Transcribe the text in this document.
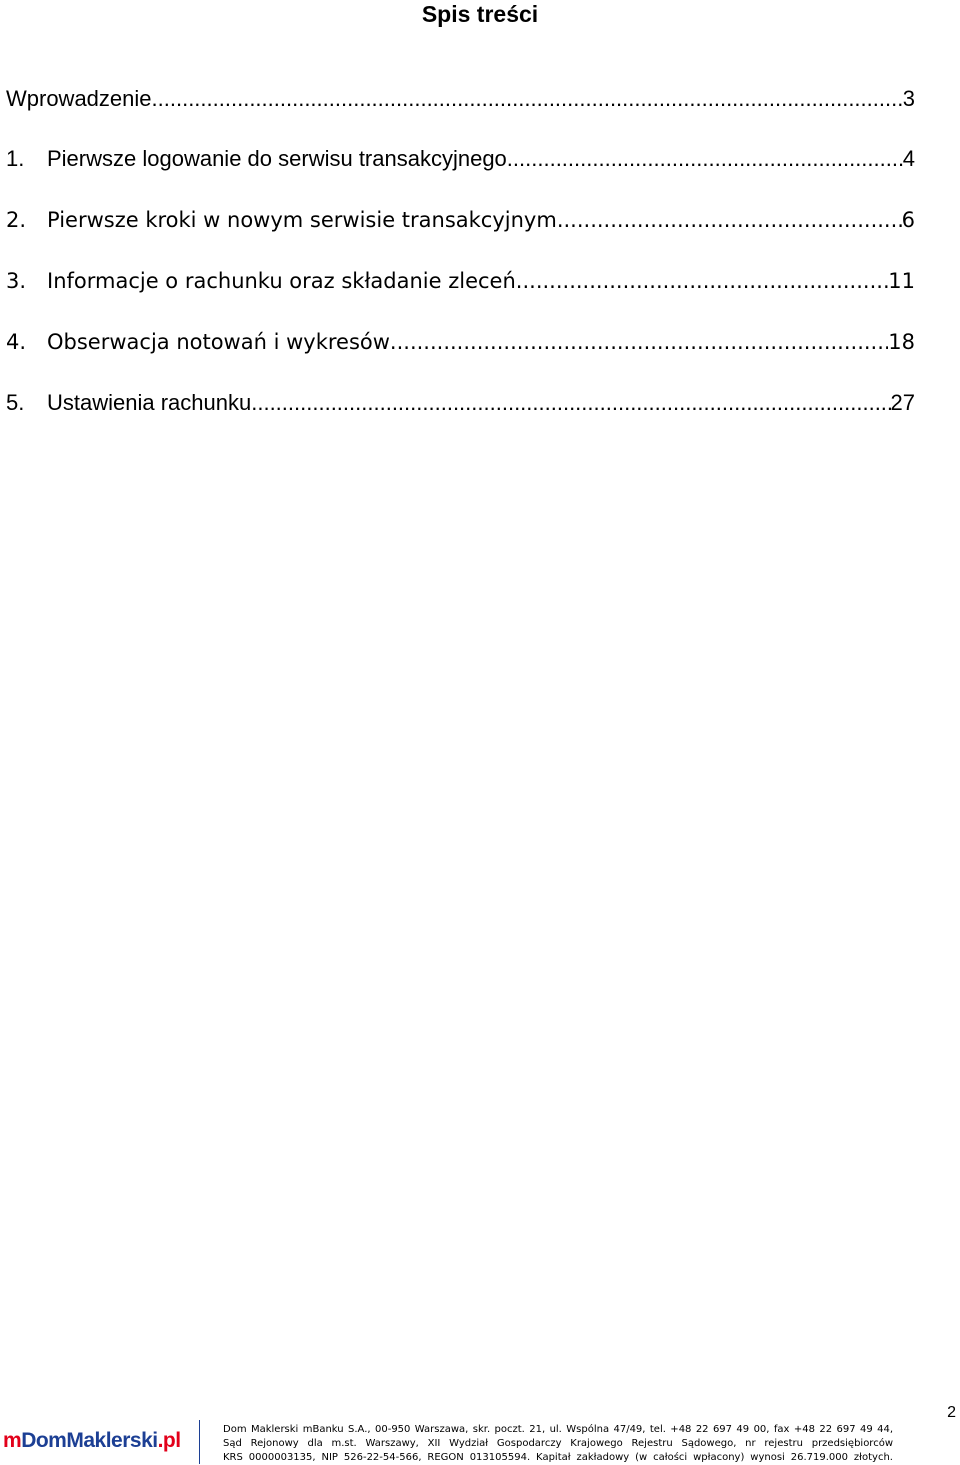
Spis treści
Wprowadzenie .....	3
1.	Pierwsze logowanie do serwisu transakcyjnego .....	4
2. Pierwsze kroki w nowym serwisie transakcyjnym .....	6
3. Informacje o rachunku oraz składanie zleceń .....	11
4. Obserwacja notowań i wykresów .....	18
5.	Ustawienia rachunku .....	27
2
mDomMaklerski.pl	Dom Maklerski mBanku S.A., 00-950 Warszawa, skr. poczt. 21, ul. Wspólna 47/49, tel. +48 22 697 49 00, fax +48 22 697 49 44,
Sąd Rejonowy dla m.st. Warszawy, XII Wydział Gospodarczy Krajowego Rejestru Sądowego, nr rejestru przedsiębiorców
KRS 0000003135, NIP 526-22-54-566, REGON 013105594. Kapitał zakładowy (w całości wpłacony) wynosi 26.719.000 złotych.
